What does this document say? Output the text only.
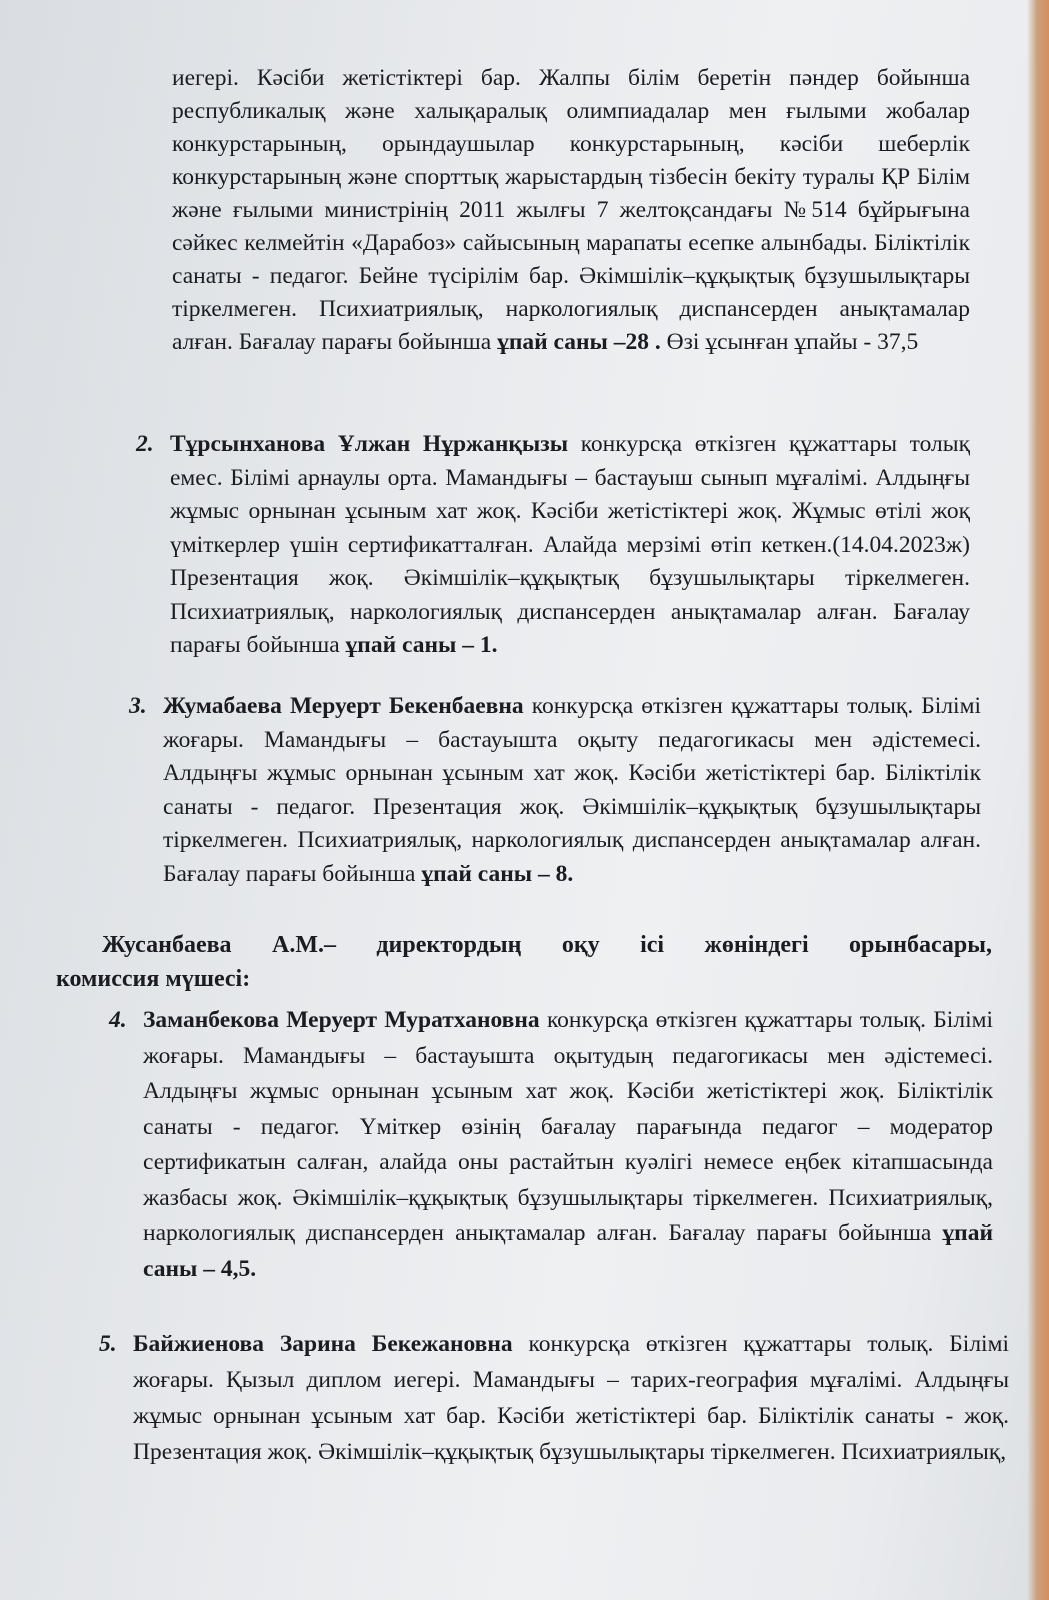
иегері. Кәсіби жетістіктері бар. Жалпы білім беретін пәндер бойынша республикалық және халықаралық олимпиадалар мен ғылыми жобалар конкурстарының, орындаушылар конкурстарының, кәсіби шеберлік конкурстарының және спорттық жарыстардың тізбесін бекіту туралы ҚР Білім және ғылыми министрінің 2011 жылғы 7 желтоқсандағы №514 бұйрығына сәйкес келмейтін «Дарабоз» сайысының марапаты есепке алынбады. Біліктілік санаты - педагог. Бейне түсірілім бар. Әкімшілік–құқықтық бұзушылықтары тіркелмеген. Психиатриялық, наркологиялық диспансерден анықтамалар алған. Бағалау парағы бойынша ұпай саны –28 . Өзі ұсынған ұпайы - 37,5

2. Тұрсынханова Ұлжан Нұржанқызы конкурсқа өткізген құжаттары толық емес. Білімі арнаулы орта. Мамандығы – бастауыш сынып мұғалімі. Алдыңғы жұмыс орнынан ұсыным хат жоқ. Кәсіби жетістіктері жоқ. Жұмыс өтілі жоқ үміткерлер үшін сертификатталған. Алайда мерзімі өтіп кеткен.(14.04.2023ж) Презентация жоқ. Әкімшілік–құқықтық бұзушылықтары тіркелмеген. Психиатриялық, наркологиялық диспансерден анықтамалар алған. Бағалау парағы бойынша ұпай саны – 1.

3. Жумабаева Меруерт Бекенбаевна конкурсқа өткізген құжаттары толық. Білімі жоғары. Мамандығы – бастауышта оқыту педагогикасы мен әдістемесі. Алдыңғы жұмыс орнынан ұсыным хат жоқ. Кәсіби жетістіктері бар. Біліктілік санаты - педагог. Презентация жоқ. Әкімшілік–құқықтық бұзушылықтары тіркелмеген. Психиатриялық, наркологиялық диспансерден анықтамалар алған. Бағалау парағы бойынша ұпай саны – 8.

Жусанбаева А.М.– директордың оқу ісі жөніндегі орынбасары,
комиссия мүшесі:

4. Заманбекова Меруерт Муратхановна конкурсқа өткізген құжаттары толық. Білімі жоғары. Мамандығы – бастауышта оқытудың педагогикасы мен әдістемесі. Алдыңғы жұмыс орнынан ұсыным хат жоқ. Кәсіби жетістіктері жоқ. Біліктілік санаты - педагог. Үміткер өзінің бағалау парағында педагог – модератор сертификатын салған, алайда оны растайтын куәлігі немесе еңбек кітапшасында жазбасы жоқ. Әкімшілік–құқықтық бұзушылықтары тіркелмеген. Психиатриялық, наркологиялық диспансерден анықтамалар алған. Бағалау парағы бойынша ұпай саны – 4,5.

5. Байжиенова Зарина Бекежановна конкурсқа өткізген құжаттары толық. Білімі жоғары. Қызыл диплом иегері. Мамандығы – тарих-география мұғалімі. Алдыңғы жұмыс орнынан ұсыным хат бар. Кәсіби жетістіктері бар. Біліктілік санаты - жоқ. Презентация жоқ. Әкімшілік–құқықтық бұзушылықтары тіркелмеген. Психиатриялық,
